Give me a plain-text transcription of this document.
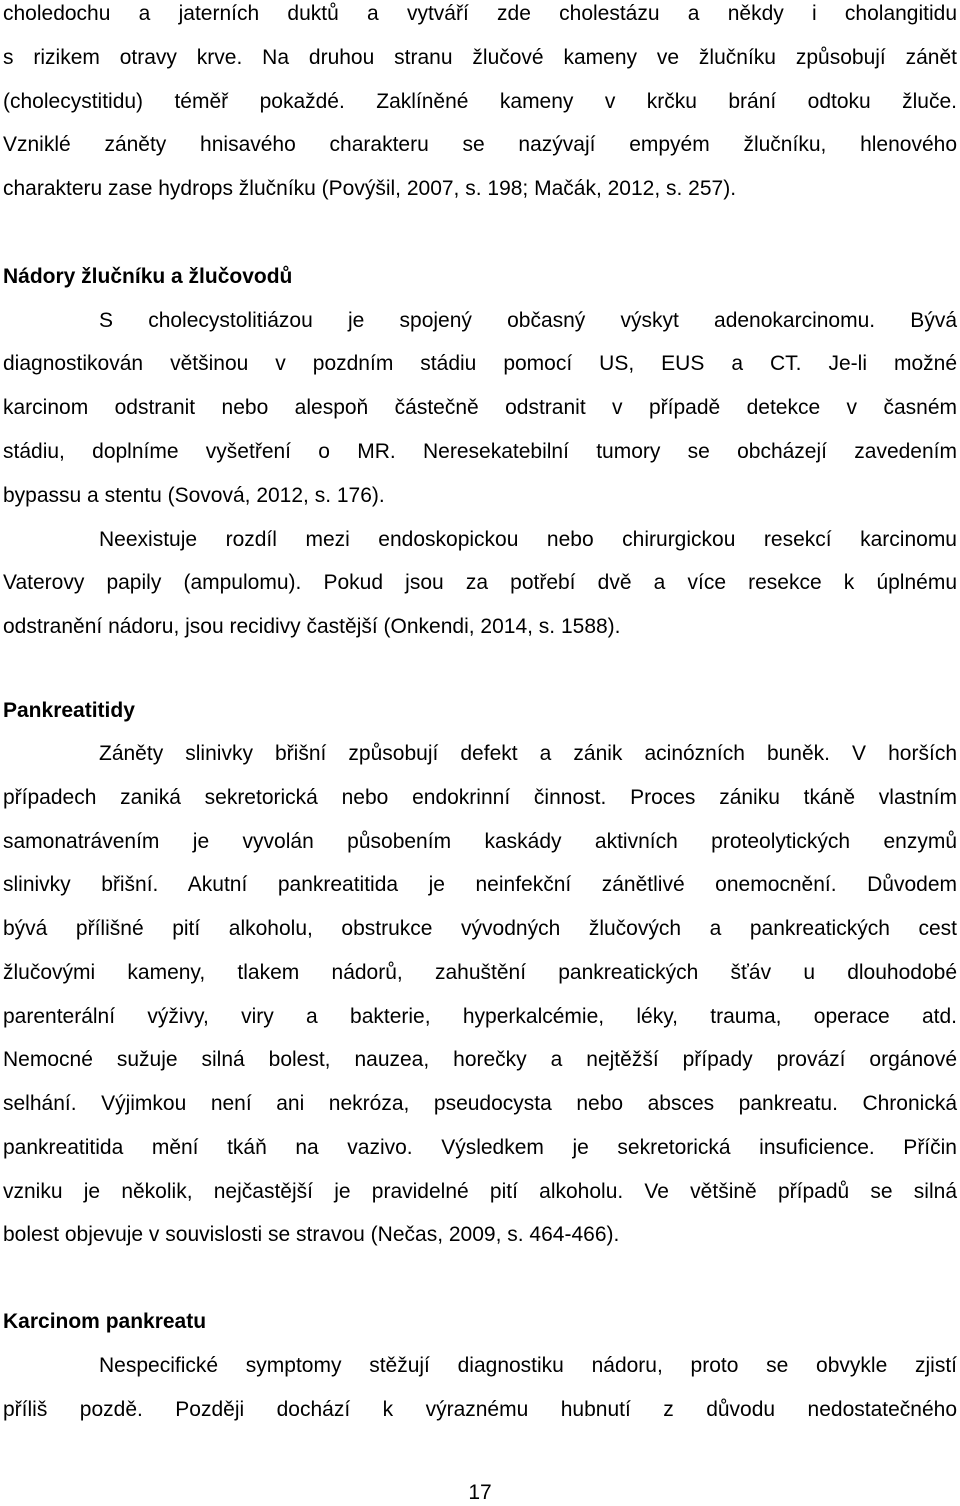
choledochu a jaterních duktů a vytváří zde cholestázu a někdy i cholangitidu
s rizikem otravy krve. Na druhou stranu žlučové kameny ve žlučníku způsobují zánět
(cholecystitidu) téměř pokaždé. Zaklíněné kameny v krčku brání odtoku žluče.
Vzniklé záněty hnisavého charakteru se nazývají empyém žlučníku, hlenového
charakteru zase hydrops žlučníku (Povýšil, 2007, s. 198; Mačák, 2012, s. 257).
Nádory žlučníku a žlučovodů
S cholecystolitiázou je spojený občasný výskyt adenokarcinomu. Bývá
diagnostikován většinou v pozdním stádiu pomocí US, EUS a CT. Je-li možné
karcinom odstranit nebo alespoň částečně odstranit v případě detekce v časném
stádiu, doplníme vyšetření o MR. Neresekatebilní tumory se obcházejí zavedením
bypassu a stentu (Sovová, 2012, s. 176).
Neexistuje rozdíl mezi endoskopickou nebo chirurgickou resekcí karcinomu
Vaterovy papily (ampulomu). Pokud jsou za potřebí dvě a více resekce k úplnému
odstranění nádoru, jsou recidivy častější (Onkendi, 2014, s. 1588).
Pankreatitidy
Záněty slinivky břišní způsobují defekt a zánik acinózních buněk. V horších
případech zaniká sekretorická nebo endokrinní činnost. Proces zániku tkáně vlastním
samonatrávením je vyvolán působením kaskády aktivních proteolytických enzymů
slinivky břišní. Akutní pankreatitida je neinfekční zánětlivé onemocnění. Důvodem
bývá přílišné pití alkoholu, obstrukce vývodných žlučových a pankreatických cest
žlučovými kameny, tlakem nádorů, zahuštění pankreatických šťáv u dlouhodobé
parenterální výživy, viry a bakterie, hyperkalcémie, léky, trauma, operace atd.
Nemocné sužuje silná bolest, nauzea, horečky a nejtěžší případy provází orgánové
selhání. Výjimkou není ani nekróza, pseudocysta nebo absces pankreatu. Chronická
pankreatitida mění tkáň na vazivo. Výsledkem je sekretorická insuficience. Příčin
vzniku je několik, nejčastější je pravidelné pití alkoholu. Ve většině případů se silná
bolest objevuje v souvislosti se stravou (Nečas, 2009, s. 464-466).
Karcinom pankreatu
Nespecifické symptomy stěžují diagnostiku nádoru, proto se obvykle zjistí
příliš pozdě. Později dochází k výraznému hubnutí z důvodu nedostatečného
17
